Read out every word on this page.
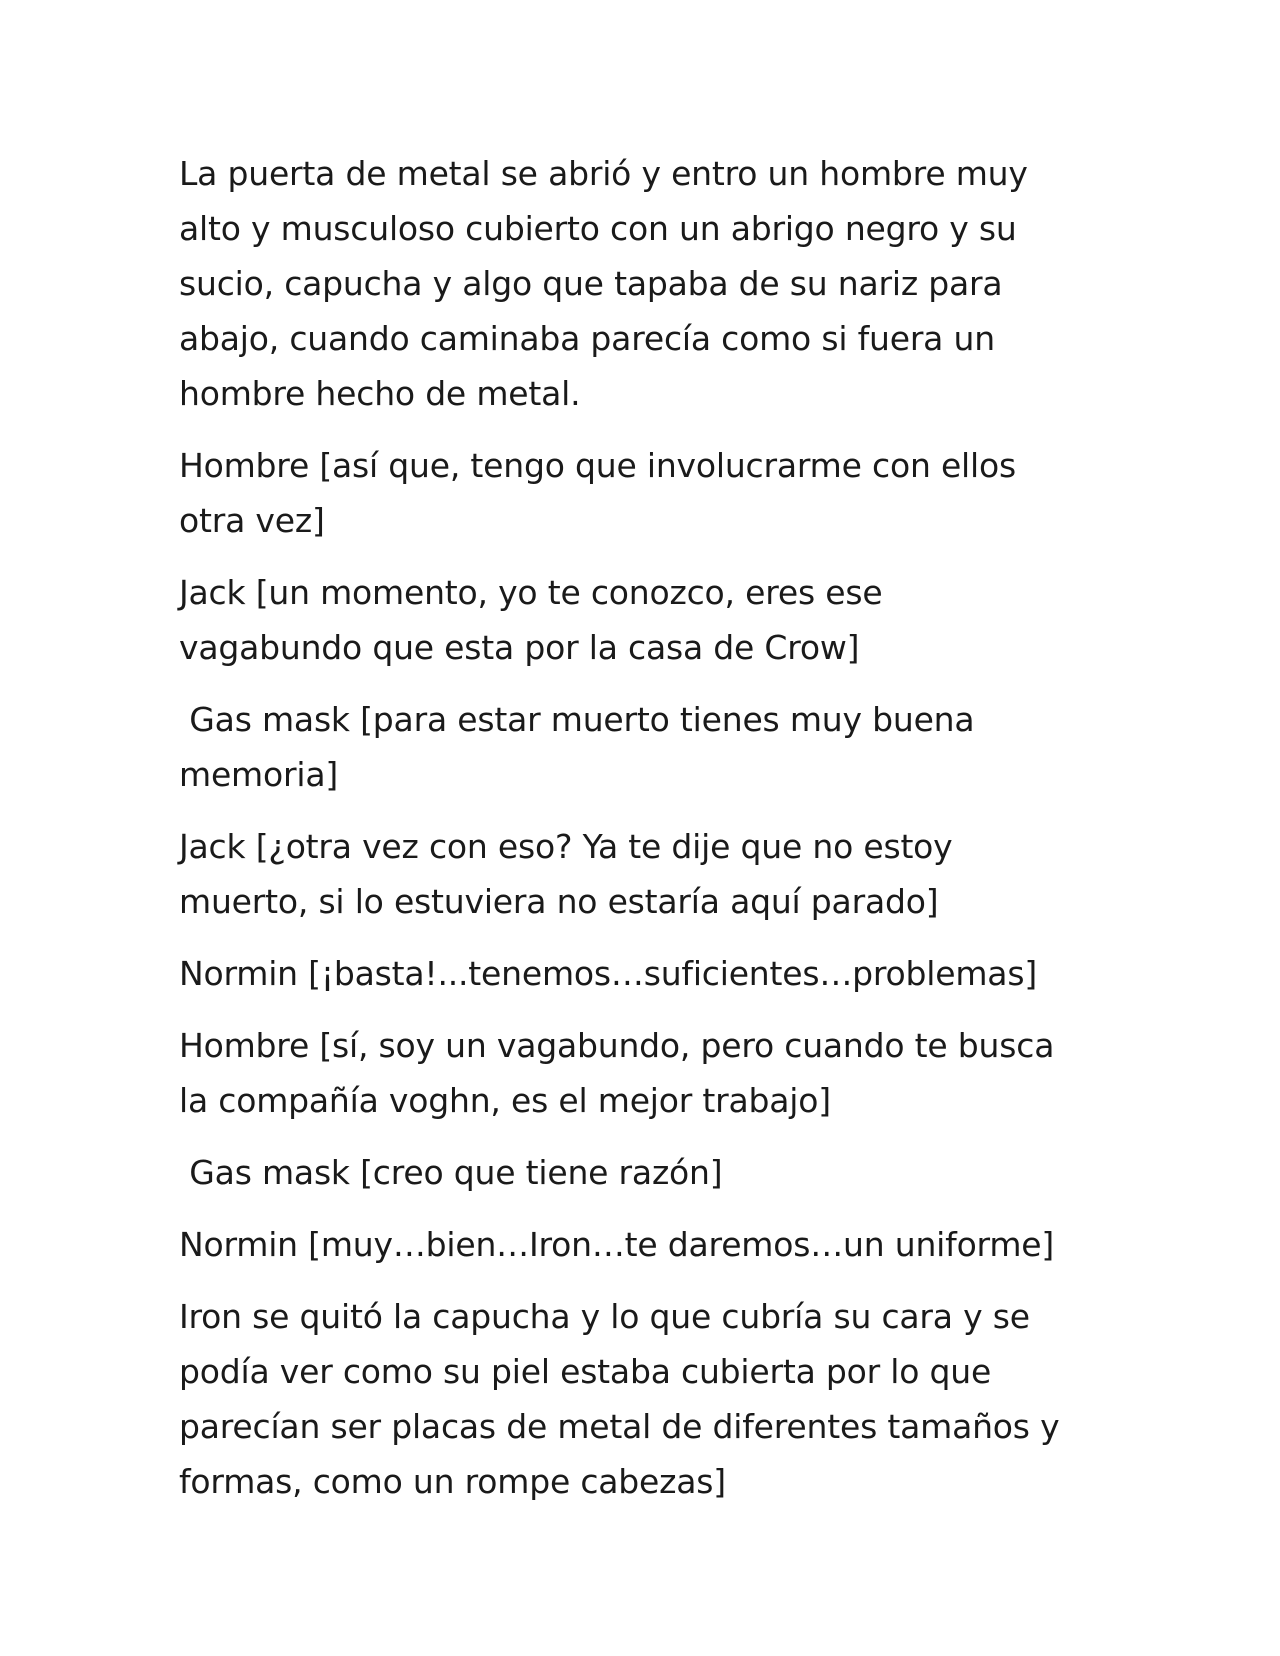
La puerta de metal se abrió y entro un hombre muy
alto y musculoso cubierto con un abrigo negro y su
sucio, capucha y algo que tapaba de su nariz para
abajo, cuando caminaba parecía como si fuera un
hombre hecho de metal.

Hombre [así que, tengo que involucrarme con ellos
otra vez]

Jack [un momento, yo te conozco, eres ese
vagabundo que esta por la casa de Crow]

Gas mask [para estar muerto tienes muy buena
memoria]

Jack [¿otra vez con eso? Ya te dije que no estoy
muerto, si lo estuviera no estaría aquí parado]

Normin [¡basta!...tenemos…suficientes…problemas]

Hombre [sí, soy un vagabundo, pero cuando te busca
la compañía voghn, es el mejor trabajo]

Gas mask [creo que tiene razón]

Normin [muy…bien…Iron…te daremos…un uniforme]

Iron se quitó la capucha y lo que cubría su cara y se
podía ver como su piel estaba cubierta por lo que
parecían ser placas de metal de diferentes tamaños y
formas, como un rompe cabezas]
